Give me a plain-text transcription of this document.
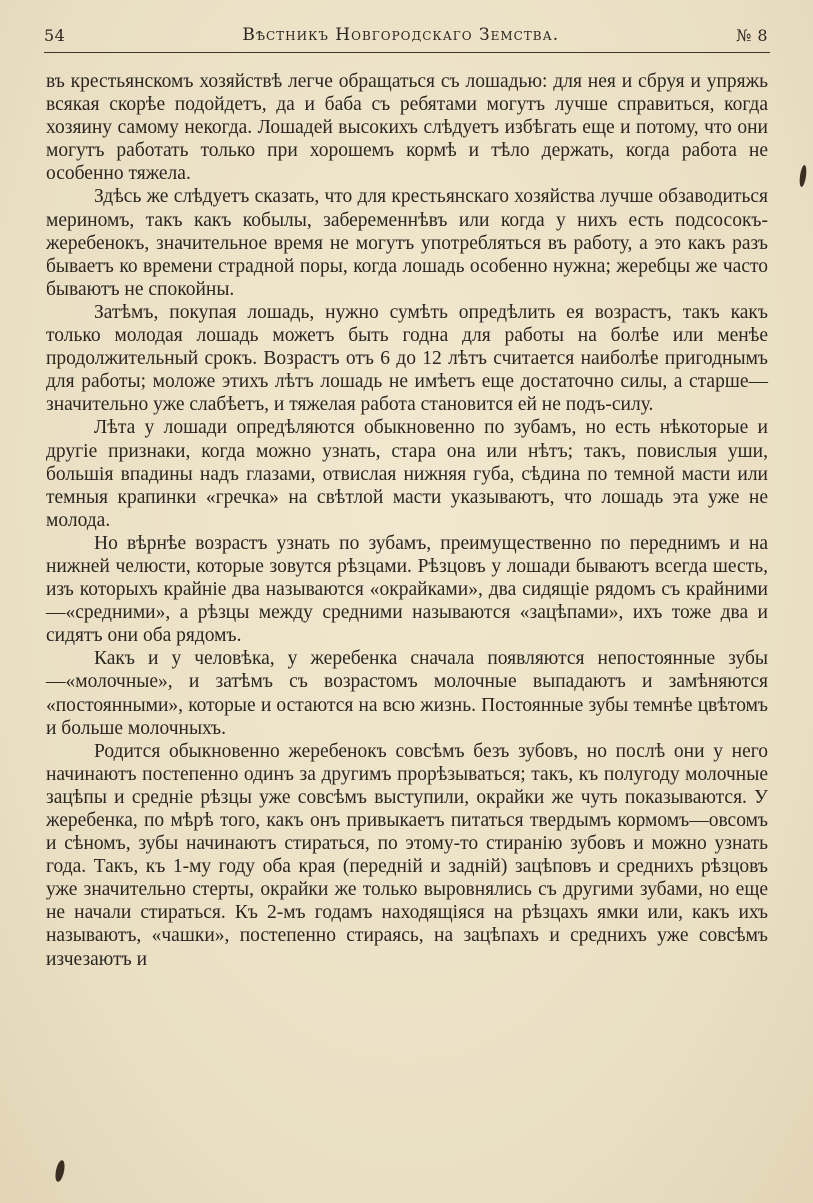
54	Вѣстникъ Новгородскаго Земства.	№ 8

въ крестьянскомъ хозяйствѣ легче обращаться съ лошадью: для нея и сбруя и упряжь всякая скорѣе подойдетъ, да и баба съ ребятами могутъ лучше справиться, когда хозяину самому некогда. Лошадей высокихъ слѣдуетъ избѣгать еще и потому, что они могутъ работать только при хорошемъ кормѣ и тѣло держать, когда работа не особенно тяжела.

Здѣсь же слѣдуетъ сказать, что для крестьянскаго хозяйства лучше обзаводиться мериномъ, такъ какъ кобылы, забеременнѣвъ или когда у нихъ есть подсосокъ-жеребенокъ, значительное время не могутъ употребляться въ работу, а это какъ разъ бываетъ ко времени страдной поры, когда лошадь особенно нужна; жеребцы же часто бываютъ не спокойны.

Затѣмъ, покупая лошадь, нужно сумѣть опредѣлить ея возрастъ, такъ какъ только молодая лошадь можетъ быть годна для работы на болѣе или менѣе продолжительный срокъ. Возрастъ отъ 6 до 12 лѣтъ считается наиболѣе пригоднымъ для работы; моложе этихъ лѣтъ лошадь не имѣетъ еще достаточно силы, а старше—значительно уже слабѣетъ, и тяжелая работа становится ей не подъ-силу.

Лѣта у лошади опредѣляются обыкновенно по зубамъ, но есть нѣкоторые и другіе признаки, когда можно узнать, стара она или нѣтъ; такъ, повислыя уши, большія впадины надъ глазами, отвислая нижняя губа, сѣдина по темной масти или темныя крапинки «гречка» на свѣтлой масти указываютъ, что лошадь эта уже не молода.

Но вѣрнѣе возрастъ узнать по зубамъ, преимущественно по переднимъ и на нижней челюсти, которые зовутся рѣзцами. Рѣзцовъ у лошади бываютъ всегда шесть, изъ которыхъ крайніе два называются «окрайками», два сидящіе рядомъ съ крайними—«средними», а рѣзцы между средними называются «зацѣпами», ихъ тоже два и сидятъ они оба рядомъ.

Какъ и у человѣка, у жеребенка сначала появляются непостоянные зубы—«молочные», и затѣмъ съ возрастомъ молочные выпадаютъ и замѣняются «постоянными», которые и остаются на всю жизнь. Постоянные зубы темнѣе цвѣтомъ и больше молочныхъ.

Родится обыкновенно жеребенокъ совсѣмъ безъ зубовъ, но послѣ они у него начинаютъ постепенно одинъ за другимъ прорѣзываться; такъ, къ полугоду молочные зацѣпы и средніе рѣзцы уже совсѣмъ выступили, окрайки же чуть показываются. У жеребенка, по мѣрѣ того, какъ онъ привыкаетъ питаться твердымъ кормомъ—овсомъ и сѣномъ, зубы начинаютъ стираться, по этому-то стиранію зубовъ и можно узнать года. Такъ, къ 1-му году оба края (передній и задній) зацѣповъ и среднихъ рѣзцовъ уже значительно стерты, окрайки же только выровнялись съ другими зубами, но еще не начали стираться. Къ 2-мъ годамъ находящіяся на рѣзцахъ ямки или, какъ ихъ называютъ, «чашки», постепенно стираясь, на зацѣпахъ и среднихъ уже совсѣмъ изчезаютъ и
